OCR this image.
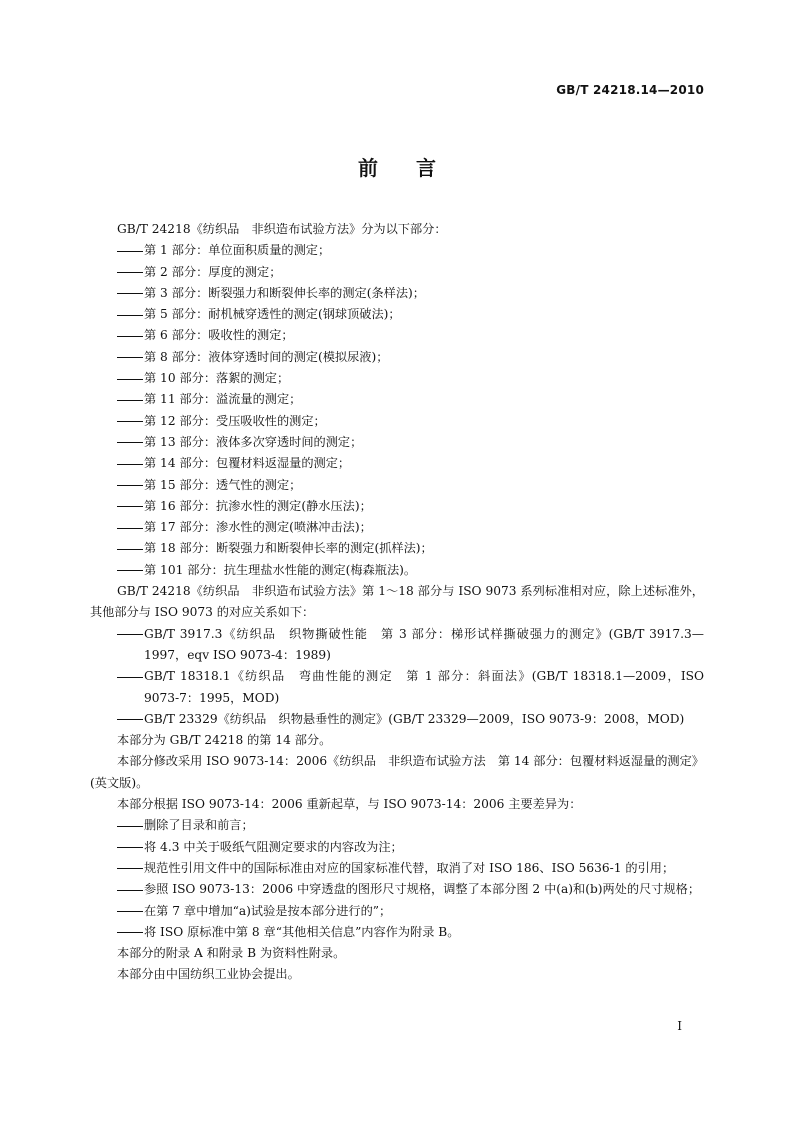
GB/T 24218.14—2010
前言

GB/T 24218《纺织品　非织造布试验方法》分为以下部分：

第 1 部分：单位面积质量的测定；

第 2 部分：厚度的测定；

第 3 部分：断裂强力和断裂伸长率的测定(条样法)；

第 5 部分：耐机械穿透性的测定(钢球顶破法)；

第 6 部分：吸收性的测定；

第 8 部分：液体穿透时间的测定(模拟尿液)；

第 10 部分：落絮的测定；

第 11 部分：溢流量的测定；

第 12 部分：受压吸收性的测定；

第 13 部分：液体多次穿透时间的测定；

第 14 部分：包覆材料返湿量的测定；

第 15 部分：透气性的测定；

第 16 部分：抗渗水性的测定(静水压法)；

第 17 部分：渗水性的测定(喷淋冲击法)；

第 18 部分：断裂强力和断裂伸长率的测定(抓样法)；

第 101 部分：抗生理盐水性能的测定(梅森瓶法)。

GB/T 24218《纺织品　非织造布试验方法》第 1～18 部分与 ISO 9073 系列标准相对应，除上述标准外，其他部分与 ISO 9073 的对应关系如下：

GB/T 3917.3《纺织品　织物撕破性能　第 3 部分：梯形试样撕破强力的测定》(GB/T 3917.3—1997，eqv ISO 9073-4：1989)

GB/T 18318.1《纺织品　弯曲性能的测定　第 1 部分：斜面法》(GB/T 18318.1—2009，ISO 9073-7：1995，MOD)

GB/T 23329《纺织品　织物悬垂性的测定》(GB/T 23329—2009，ISO 9073-9：2008，MOD)

本部分为 GB/T 24218 的第 14 部分。

本部分修改采用 ISO 9073-14：2006《纺织品　非织造布试验方法　第 14 部分：包覆材料返湿量的测定》(英文版)。

本部分根据 ISO 9073-14：2006 重新起草，与 ISO 9073-14：2006 主要差异为：

删除了目录和前言；

将 4.3 中关于吸纸气阻测定要求的内容改为注；

规范性引用文件中的国际标准由对应的国家标准代替，取消了对 ISO 186、ISO 5636-1 的引用；

参照 ISO 9073-13：2006 中穿透盘的图形尺寸规格，调整了本部分图 2 中(a)和(b)两处的尺寸规格；

在第 7 章中增加“a)试验是按本部分进行的”；

将 ISO 原标准中第 8 章“其他相关信息”内容作为附录 B。

本部分的附录 A 和附录 B 为资料性附录。

本部分由中国纺织工业协会提出。

I
